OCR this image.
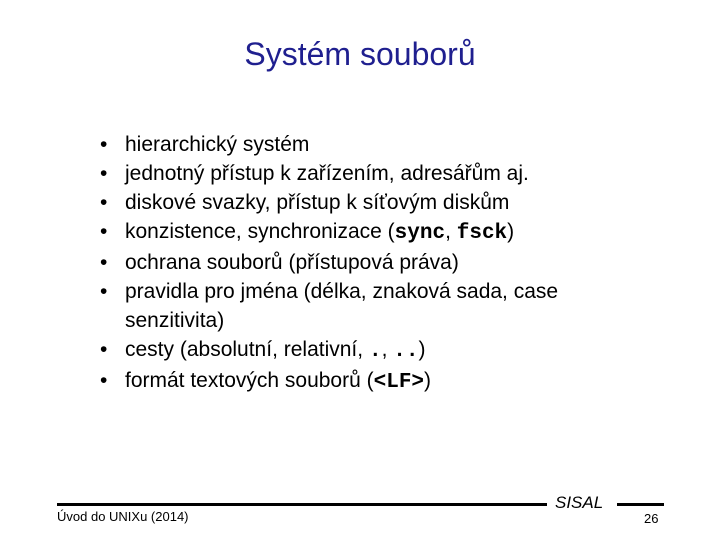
Systém souborů
• hierarchický systém
• jednotný přístup k zařízením, adresářům aj.
• diskové svazky, přístup k síťovým diskům
• konzistence, synchronizace (sync, fsck)
• ochrana souborů (přístupová práva)
• pravidla pro jména (délka, znaková sada, case senzitivita)
• cesty (absolutní, relativní, ., ..)
• formát textových souborů (<LF>)
Úvod do UNIXu (2014)
SISAL
26
